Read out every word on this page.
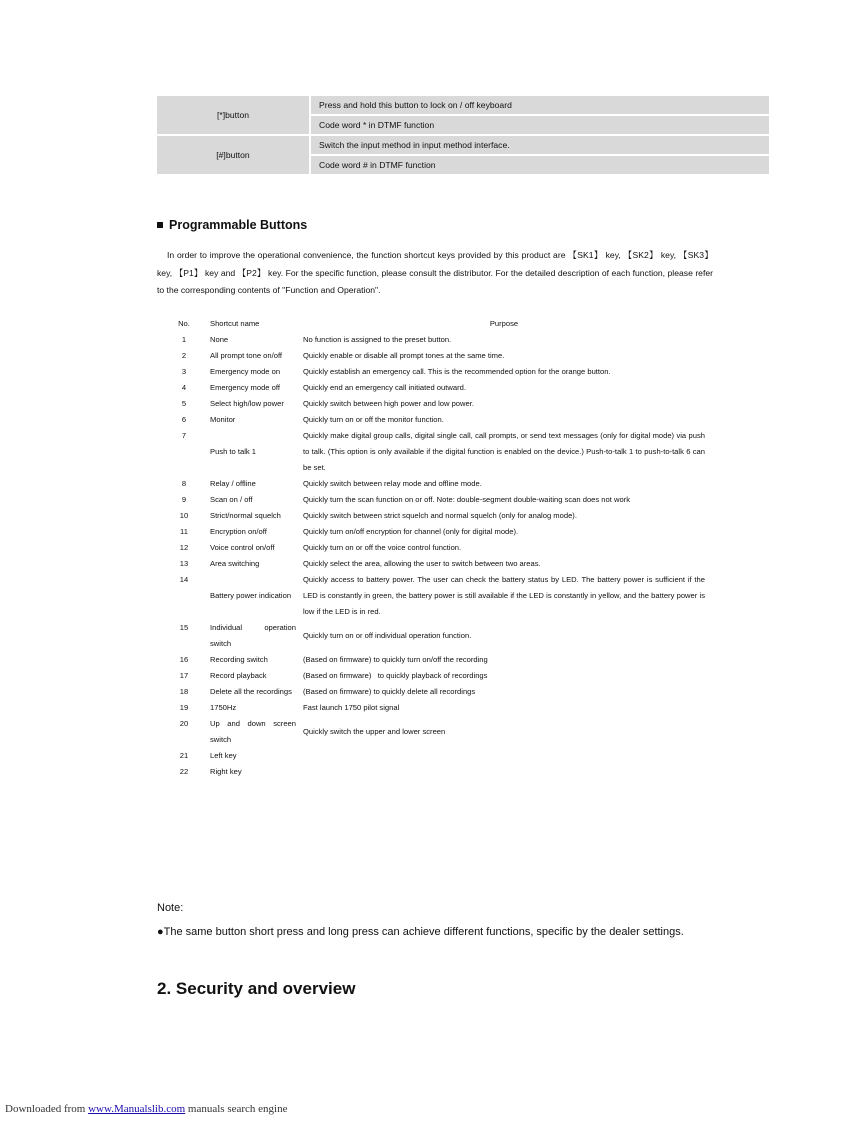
[*]button	Press and hold this button to lock on / off keyboard
	Code word * in DTMF function
[#]button	Switch the input method in input method interface.
	Code word # in DTMF function
Programmable Buttons

In order to improve the operational convenience, the function shortcut keys provided by this product are 【SK1】 key, 【SK2】 key, 【SK3】 key, 【P1】 key and 【P2】 key. For the specific function, please consult the distributor. For the detailed description of each function, please refer to the corresponding contents of "Function and Operation".

No.	Shortcut name	Purpose
1	None	No function is assigned to the preset button.
2	All prompt tone on/off	Quickly enable or disable all prompt tones at the same time.
3	Emergency mode on	Quickly establish an emergency call. This is the recommended option for the orange button.
4	Emergency mode off	Quickly end an emergency call initiated outward.
5	Select high/low power	Quickly switch between high power and low power.
6	Monitor	Quickly turn on or off the monitor function.
7	Push to talk 1	Quickly make digital group calls, digital single call, call prompts, or send text messages (only for digital mode) via push to talk. (This option is only available if the digital function is enabled on the device.) Push-to-talk 1 to push-to-talk 6 can be set.
8	Relay / offline	Quickly switch between relay mode and offline mode.
9	Scan on / off	Quickly turn the scan function on or off. Note: double-segment double-waiting scan does not work
10	Strict/normal squelch	Quickly switch between strict squelch and normal squelch (only for analog mode).
11	Encryption on/off	Quickly turn on/off encryption for channel (only for digital mode).
12	Voice control on/off	Quickly turn on or off the voice control function.
13	Area switching	Quickly select the area, allowing the user to switch between two areas.
14	Battery power indication	Quickly access to battery power. The user can check the battery status by LED. The battery power is sufficient if the LED is constantly in green, the battery power is still available if the LED is constantly in yellow, and the battery power is low if the LED is in red.
15	Individual operation switch	Quickly turn on or off individual operation function.
16	Recording switch	(Based on firmware) to quickly turn on/off the recording
17	Record playback	(Based on firmware)   to quickly playback of recordings
18	Delete all the recordings	(Based on firmware) to quickly delete all recordings
19	1750Hz	Fast launch 1750 pilot signal
20	Up and down screen switch	Quickly switch the upper and lower screen
21	Left key	
22	Right key	
Note:
●The same button short press and long press can achieve different functions, specific by the dealer settings.
2. Security and overview
Downloaded from www.Manualslib.com manuals search engine
